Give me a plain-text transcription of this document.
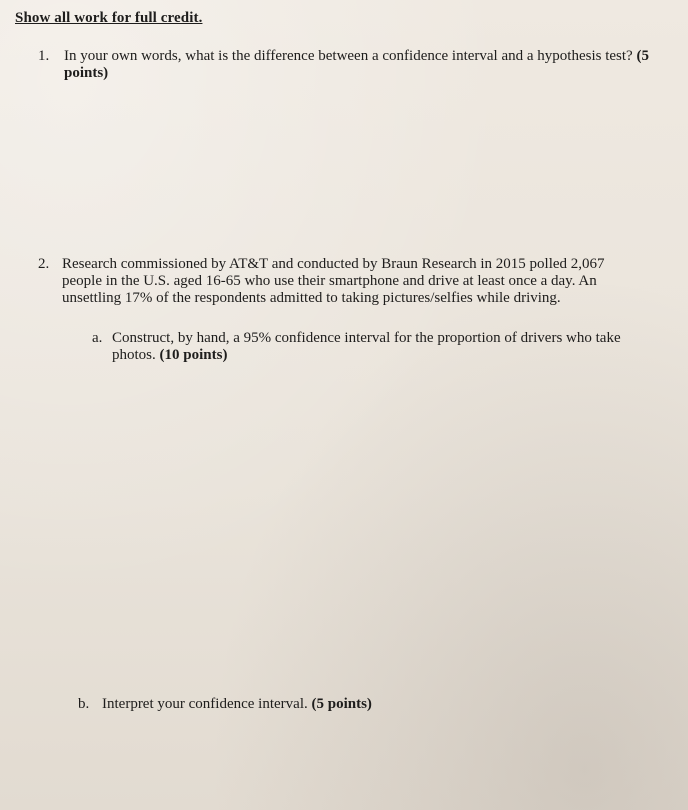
Show all work for full credit.

1. In your own words, what is the difference between a confidence interval and a hypothesis test? (5 points)

2. Research commissioned by AT&T and conducted by Braun Research in 2015 polled 2,067 people in the U.S. aged 16-65 who use their smartphone and drive at least once a day. An unsettling 17% of the respondents admitted to taking pictures/selfies while driving.

a. Construct, by hand, a 95% confidence interval for the proportion of drivers who take photos. (10 points)

b. Interpret your confidence interval. (5 points)
